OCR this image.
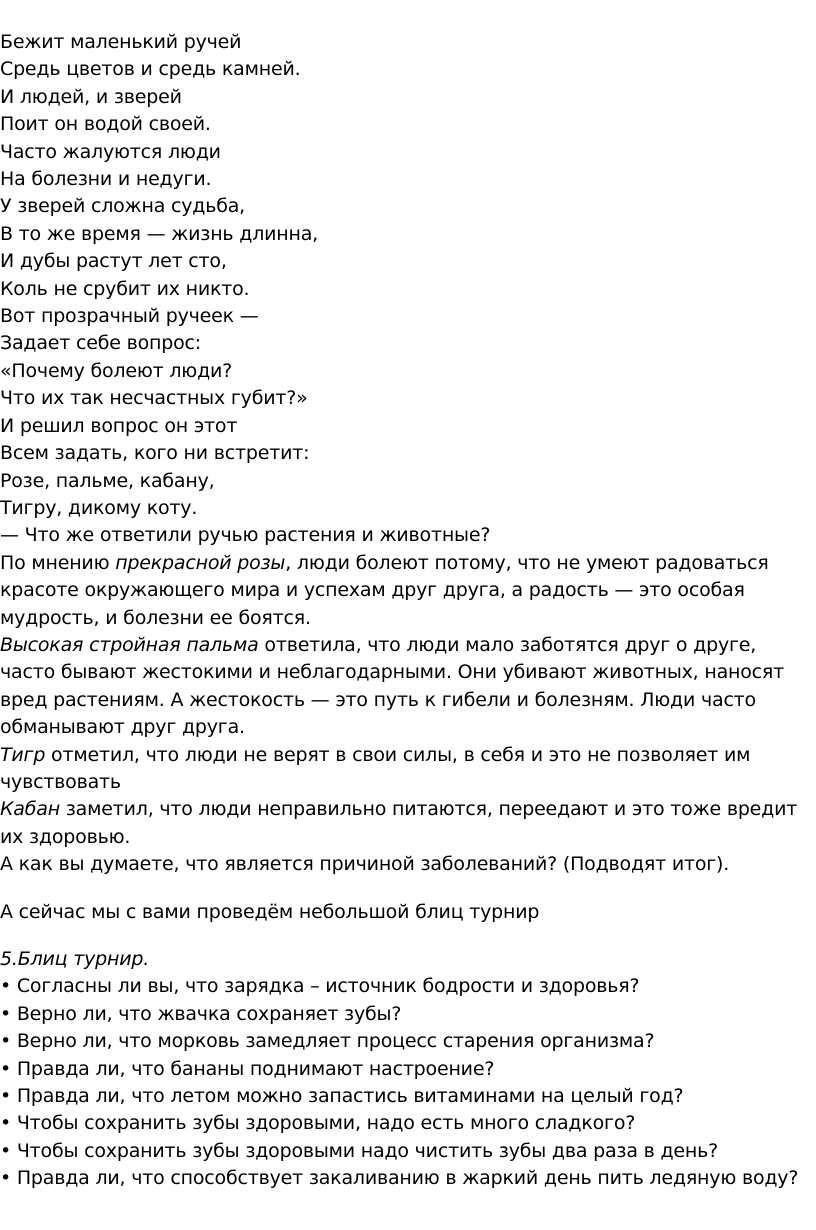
Бежит маленький ручей

Средь цветов и средь камней.

И людей, и зверей

Поит он водой своей.

Часто жалуются люди

На болезни и недуги.

У зверей сложна судьба,

В то же время — жизнь длинна,

И дубы растут лет сто,

Коль не срубит их никто.

Вот прозрачный ручеек —

Задает себе вопрос:

«Почему болеют люди?

Что их так несчастных губит?»

И решил вопрос он этот

Всем задать, кого ни встретит:

Розе, пальме, кабану,

Тигру, дикому коту.

— Что же ответили ручью растения и животные?

По мнению прекрасной розы, люди болеют потому, что не умеют радоваться красоте окружающего мира и успехам друг друга, а радость — это особая мудрость, и болезни ее боятся.

Высокая стройная пальма ответила, что люди мало заботятся друг о друге, часто бывают жестокими и неблагодарными. Они убивают животных, наносят вред растениям. А жестокость — это путь к гибели и болезням. Люди часто обманывают друг друга.

Тигр отметил, что люди не верят в свои силы, в себя и это не позволяет им чувствовать

Кабан заметил, что люди неправильно питаются, переедают и это тоже вредит их здоровью.

А как вы думаете, что является причиной заболеваний? (Подводят итог).

А сейчас мы с вами проведём небольшой блиц турнир

5.Блиц турнир.

• Согласны ли вы, что зарядка – источник бодрости и здоровья?

• Верно ли, что жвачка сохраняет зубы?

• Верно ли, что морковь замедляет процесс старения организма?

• Правда ли, что бананы поднимают настроение?

• Правда ли, что летом можно запастись витаминами на целый год?

• Чтобы сохранить зубы здоровыми, надо есть много сладкого?

• Чтобы сохранить зубы здоровыми надо чистить зубы два раза в день?

• Правда ли, что способствует закаливанию в жаркий день пить ледяную воду?
